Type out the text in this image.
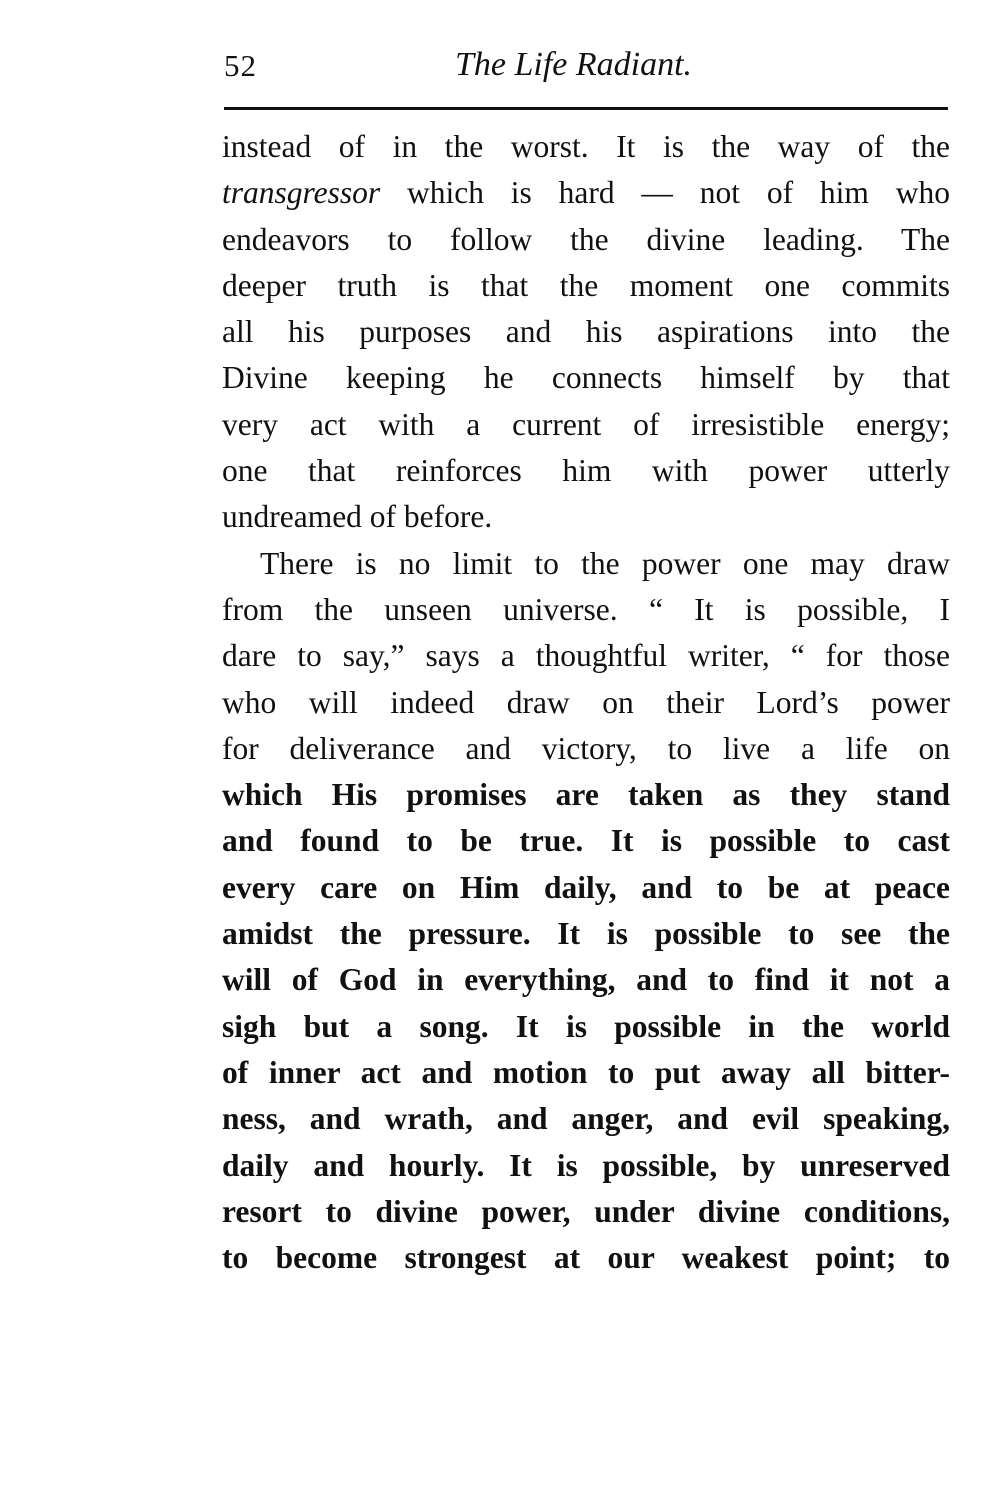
52	The Life Radiant.
instead of in the worst. It is the way of the
transgressor which is hard — not of him who
endeavors to follow the divine leading. The
deeper truth is that the moment one commits
all his purposes and his aspirations into the
Divine keeping he connects himself by that
very act with a current of irresistible energy;
one that reinforces him with power utterly
undreamed of before.
There is no limit to the power one may draw
from the unseen universe. “ It is possible, I
dare to say,” says a thoughtful writer, “ for those
who will indeed draw on their Lord’s power
for deliverance and victory, to live a life on
which His promises are taken as they stand
and found to be true. It is possible to cast
every care on Him daily, and to be at peace
amidst the pressure. It is possible to see the
will of God in everything, and to find it not a
sigh but a song. It is possible in the world
of inner act and motion to put away all bitter-
ness, and wrath, and anger, and evil speaking,
daily and hourly. It is possible, by unreserved
resort to divine power, under divine conditions,
to become strongest at our weakest point; to
